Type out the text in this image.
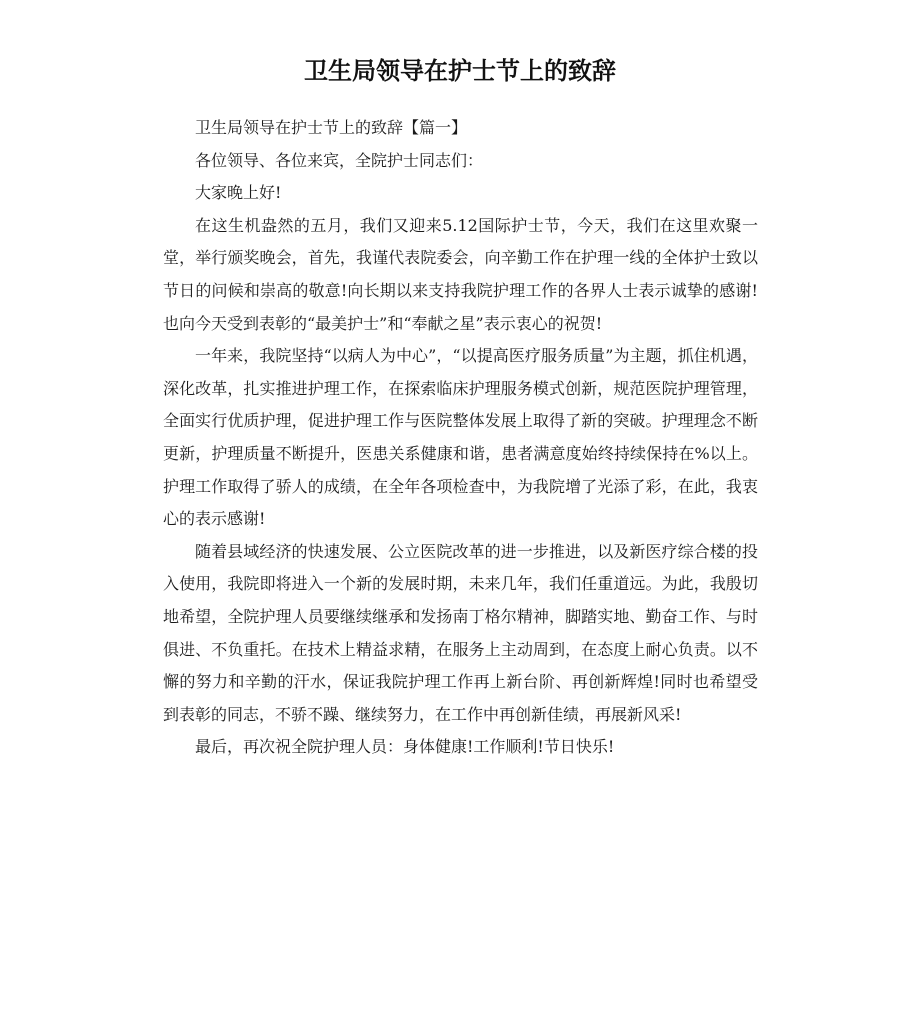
卫生局领导在护士节上的致辞

卫生局领导在护士节上的致辞【篇一】

各位领导、各位来宾，全院护士同志们：

大家晚上好!

在这生机盎然的五月，我们又迎来5.12国际护士节，今天，我们在这里欢聚一堂，举行颁奖晚会，首先，我谨代表院委会，向辛勤工作在护理一线的全体护士致以节日的问候和崇高的敬意!向长期以来支持我院护理工作的各界人士表示诚挚的感谢!也向今天受到表彰的“最美护士”和“奉献之星”表示衷心的祝贺!

一年来，我院坚持“以病人为中心”，“以提高医疗服务质量”为主题，抓住机遇，深化改革，扎实推进护理工作，在探索临床护理服务模式创新，规范医院护理管理，全面实行优质护理，促进护理工作与医院整体发展上取得了新的突破。护理理念不断更新，护理质量不断提升，医患关系健康和谐，患者满意度始终持续保持在%以上。护理工作取得了骄人的成绩，在全年各项检查中，为我院增了光添了彩，在此，我衷心的表示感谢!

随着县域经济的快速发展、公立医院改革的进一步推进，以及新医疗综合楼的投入使用，我院即将进入一个新的发展时期，未来几年，我们任重道远。为此，我殷切地希望，全院护理人员要继续继承和发扬南丁格尔精神，脚踏实地、勤奋工作、与时俱进、不负重托。在技术上精益求精，在服务上主动周到，在态度上耐心负责。以不懈的努力和辛勤的汗水，保证我院护理工作再上新台阶、再创新辉煌!同时也希望受到表彰的同志，不骄不躁、继续努力，在工作中再创新佳绩，再展新风采!

最后，再次祝全院护理人员：身体健康!工作顺利!节日快乐!
